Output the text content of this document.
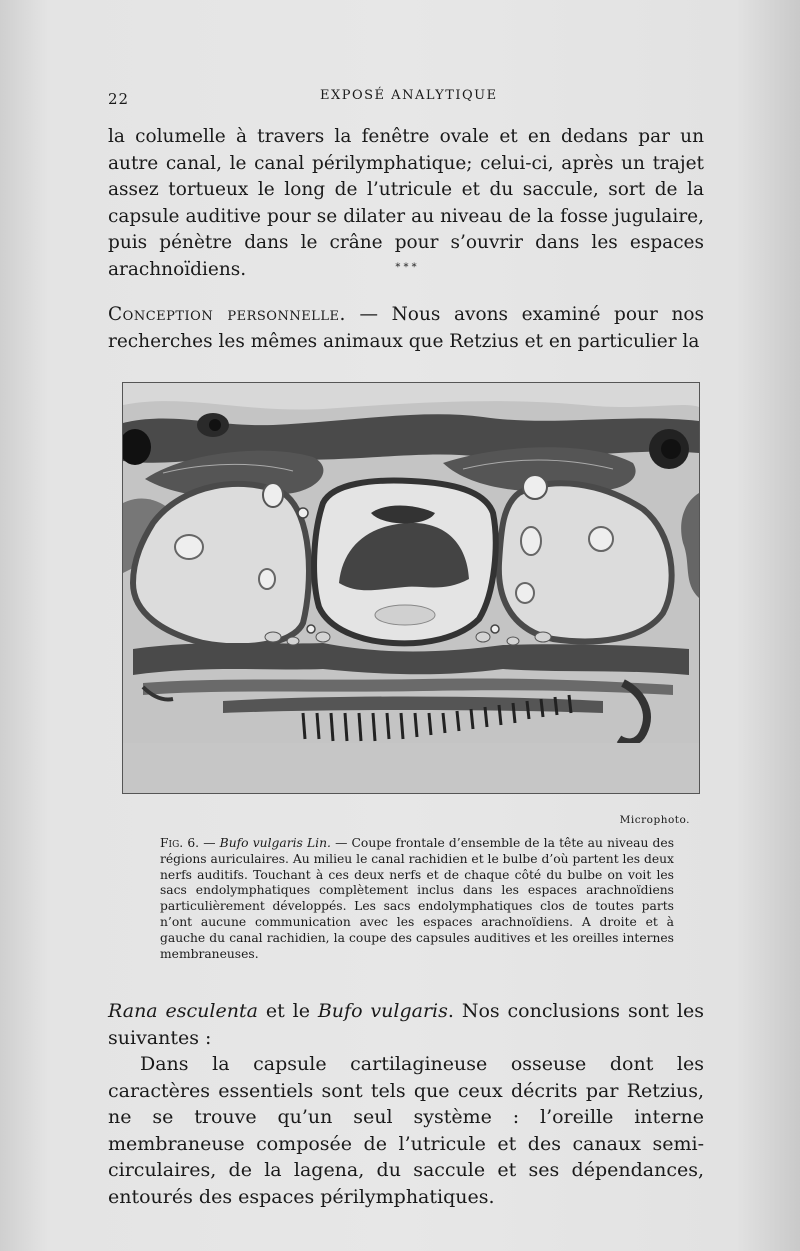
22	EXPOSÉ ANALYTIQUE

la columelle à travers la fenêtre ovale et en dedans par un autre canal, le canal périlymphatique; celui-ci, après un trajet assez tortueux le long de l’utricule et du saccule, sort de la capsule auditive pour se dilater au niveau de la fosse jugulaire, puis pénètre dans le crâne pour s’ouvrir dans les espaces arachnoïdiens.	* * *

Conception personnelle. — Nous avons examiné pour nos recherches les mêmes animaux que Retzius et en particulier la

Microphoto.

Fig. 6. — Bufo vulgaris Lin. — Coupe frontale d’ensemble de la tête au niveau des régions auriculaires. Au milieu le canal rachidien et le bulbe d’où partent les deux nerfs auditifs. Touchant à ces deux nerfs et de chaque côté du bulbe on voit les sacs endolymphatiques complètement inclus dans les espaces arachnoïdiens particulièrement développés. Les sacs endolymphatiques clos de toutes parts n’ont aucune communication avec les espaces arachnoïdiens. A droite et à gauche du canal rachidien, la coupe des capsules auditives et les oreilles internes membraneuses.

Rana esculenta et le Bufo vulgaris. Nos conclusions sont les suivantes :
Dans la capsule cartilagineuse osseuse dont les caractères essentiels sont tels que ceux décrits par Retzius, ne se trouve qu’un seul système : l’oreille interne membraneuse composée de l’utricule et des canaux semi-circulaires, de la lagena, du saccule et ses dépendances, entourés des espaces périlymphatiques.
